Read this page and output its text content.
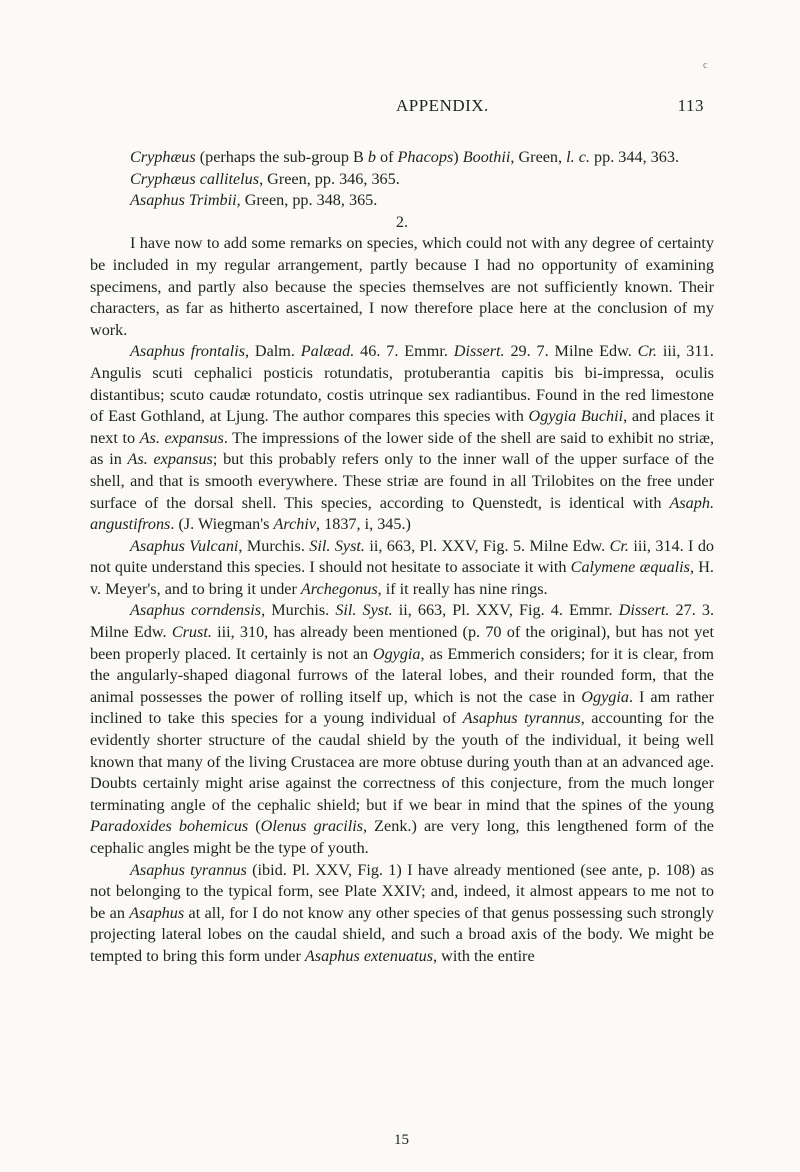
c
APPENDIX.	113

Cryphæus (perhaps the sub-group B b of Phacops) Boothii, Green, l. c. pp. 344, 363.

Cryphæus callitelus, Green, pp. 346, 365.

Asaphus Trimbii, Green, pp. 348, 365.

2.

I have now to add some remarks on species, which could not with any degree of certainty be included in my regular arrangement, partly because I had no opportunity of examining specimens, and partly also because the species themselves are not sufficiently known. Their characters, as far as hitherto ascertained, I now therefore place here at the conclusion of my work.

Asaphus frontalis, Dalm. Palæad. 46. 7. Emmr. Dissert. 29. 7. Milne Edw. Cr. iii, 311. Angulis scuti cephalici posticis rotundatis, protuberantia capitis bis bi-impressa, oculis distantibus; scuto caudæ rotundato, costis utrinque sex radiantibus. Found in the red limestone of East Gothland, at Ljung. The author compares this species with Ogygia Buchii, and places it next to As. expansus. The impressions of the lower side of the shell are said to exhibit no striæ, as in As. expansus; but this probably refers only to the inner wall of the upper surface of the shell, and that is smooth everywhere. These striæ are found in all Trilobites on the free under surface of the dorsal shell. This species, according to Quenstedt, is identical with Asaph. angustifrons. (J. Wiegman's Archiv, 1837, i, 345.)

Asaphus Vulcani, Murchis. Sil. Syst. ii, 663, Pl. XXV, Fig. 5. Milne Edw. Cr. iii, 314. I do not quite understand this species. I should not hesitate to associate it with Calymene æqualis, H. v. Meyer's, and to bring it under Archegonus, if it really has nine rings.

Asaphus corndensis, Murchis. Sil. Syst. ii, 663, Pl. XXV, Fig. 4. Emmr. Dissert. 27. 3. Milne Edw. Crust. iii, 310, has already been mentioned (p. 70 of the original), but has not yet been properly placed. It certainly is not an Ogygia, as Emmerich considers; for it is clear, from the angularly-shaped diagonal furrows of the lateral lobes, and their rounded form, that the animal possesses the power of rolling itself up, which is not the case in Ogygia. I am rather inclined to take this species for a young individual of Asaphus tyrannus, accounting for the evidently shorter structure of the caudal shield by the youth of the individual, it being well known that many of the living Crustacea are more obtuse during youth than at an advanced age. Doubts certainly might arise against the correctness of this conjecture, from the much longer terminating angle of the cephalic shield; but if we bear in mind that the spines of the young Paradoxides bohemicus (Olenus gracilis, Zenk.) are very long, this lengthened form of the cephalic angles might be the type of youth.

Asaphus tyrannus (ibid. Pl. XXV, Fig. 1) I have already mentioned (see ante, p. 108) as not belonging to the typical form, see Plate XXIV; and, indeed, it almost appears to me not to be an Asaphus at all, for I do not know any other species of that genus possessing such strongly projecting lateral lobes on the caudal shield, and such a broad axis of the body. We might be tempted to bring this form under Asaphus extenuatus, with the entire

15
